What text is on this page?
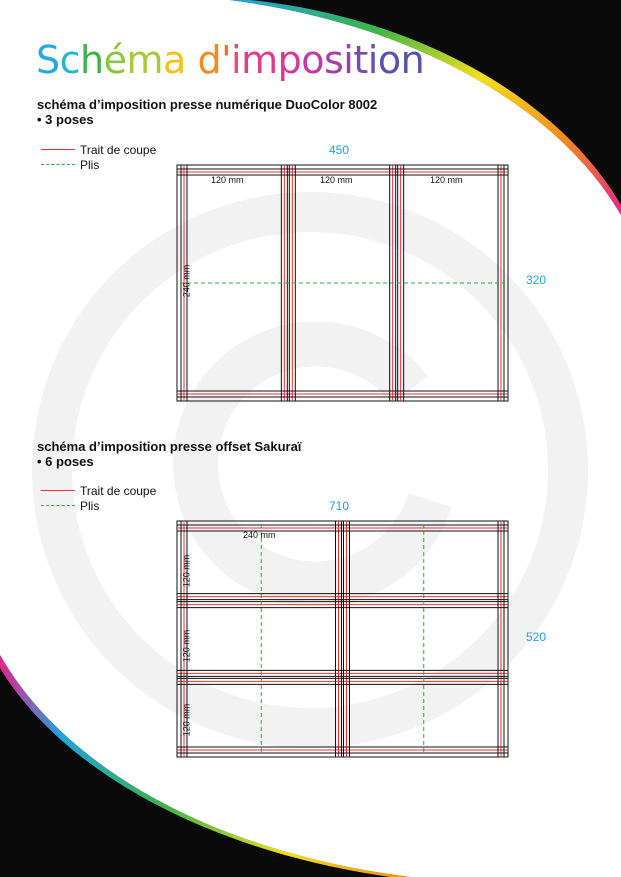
Schéma d'imposition
schéma d’imposition presse numérique DuoColor 8002
• 3 poses
Trait de coupe
Plis
450
320
120 mm	120 mm	120 mm
240 mm
schéma d’imposition presse offset Sakuraï
• 6 poses
Trait de coupe
Plis	710
520
240 mm
120 mm
120 mm
120 mm
